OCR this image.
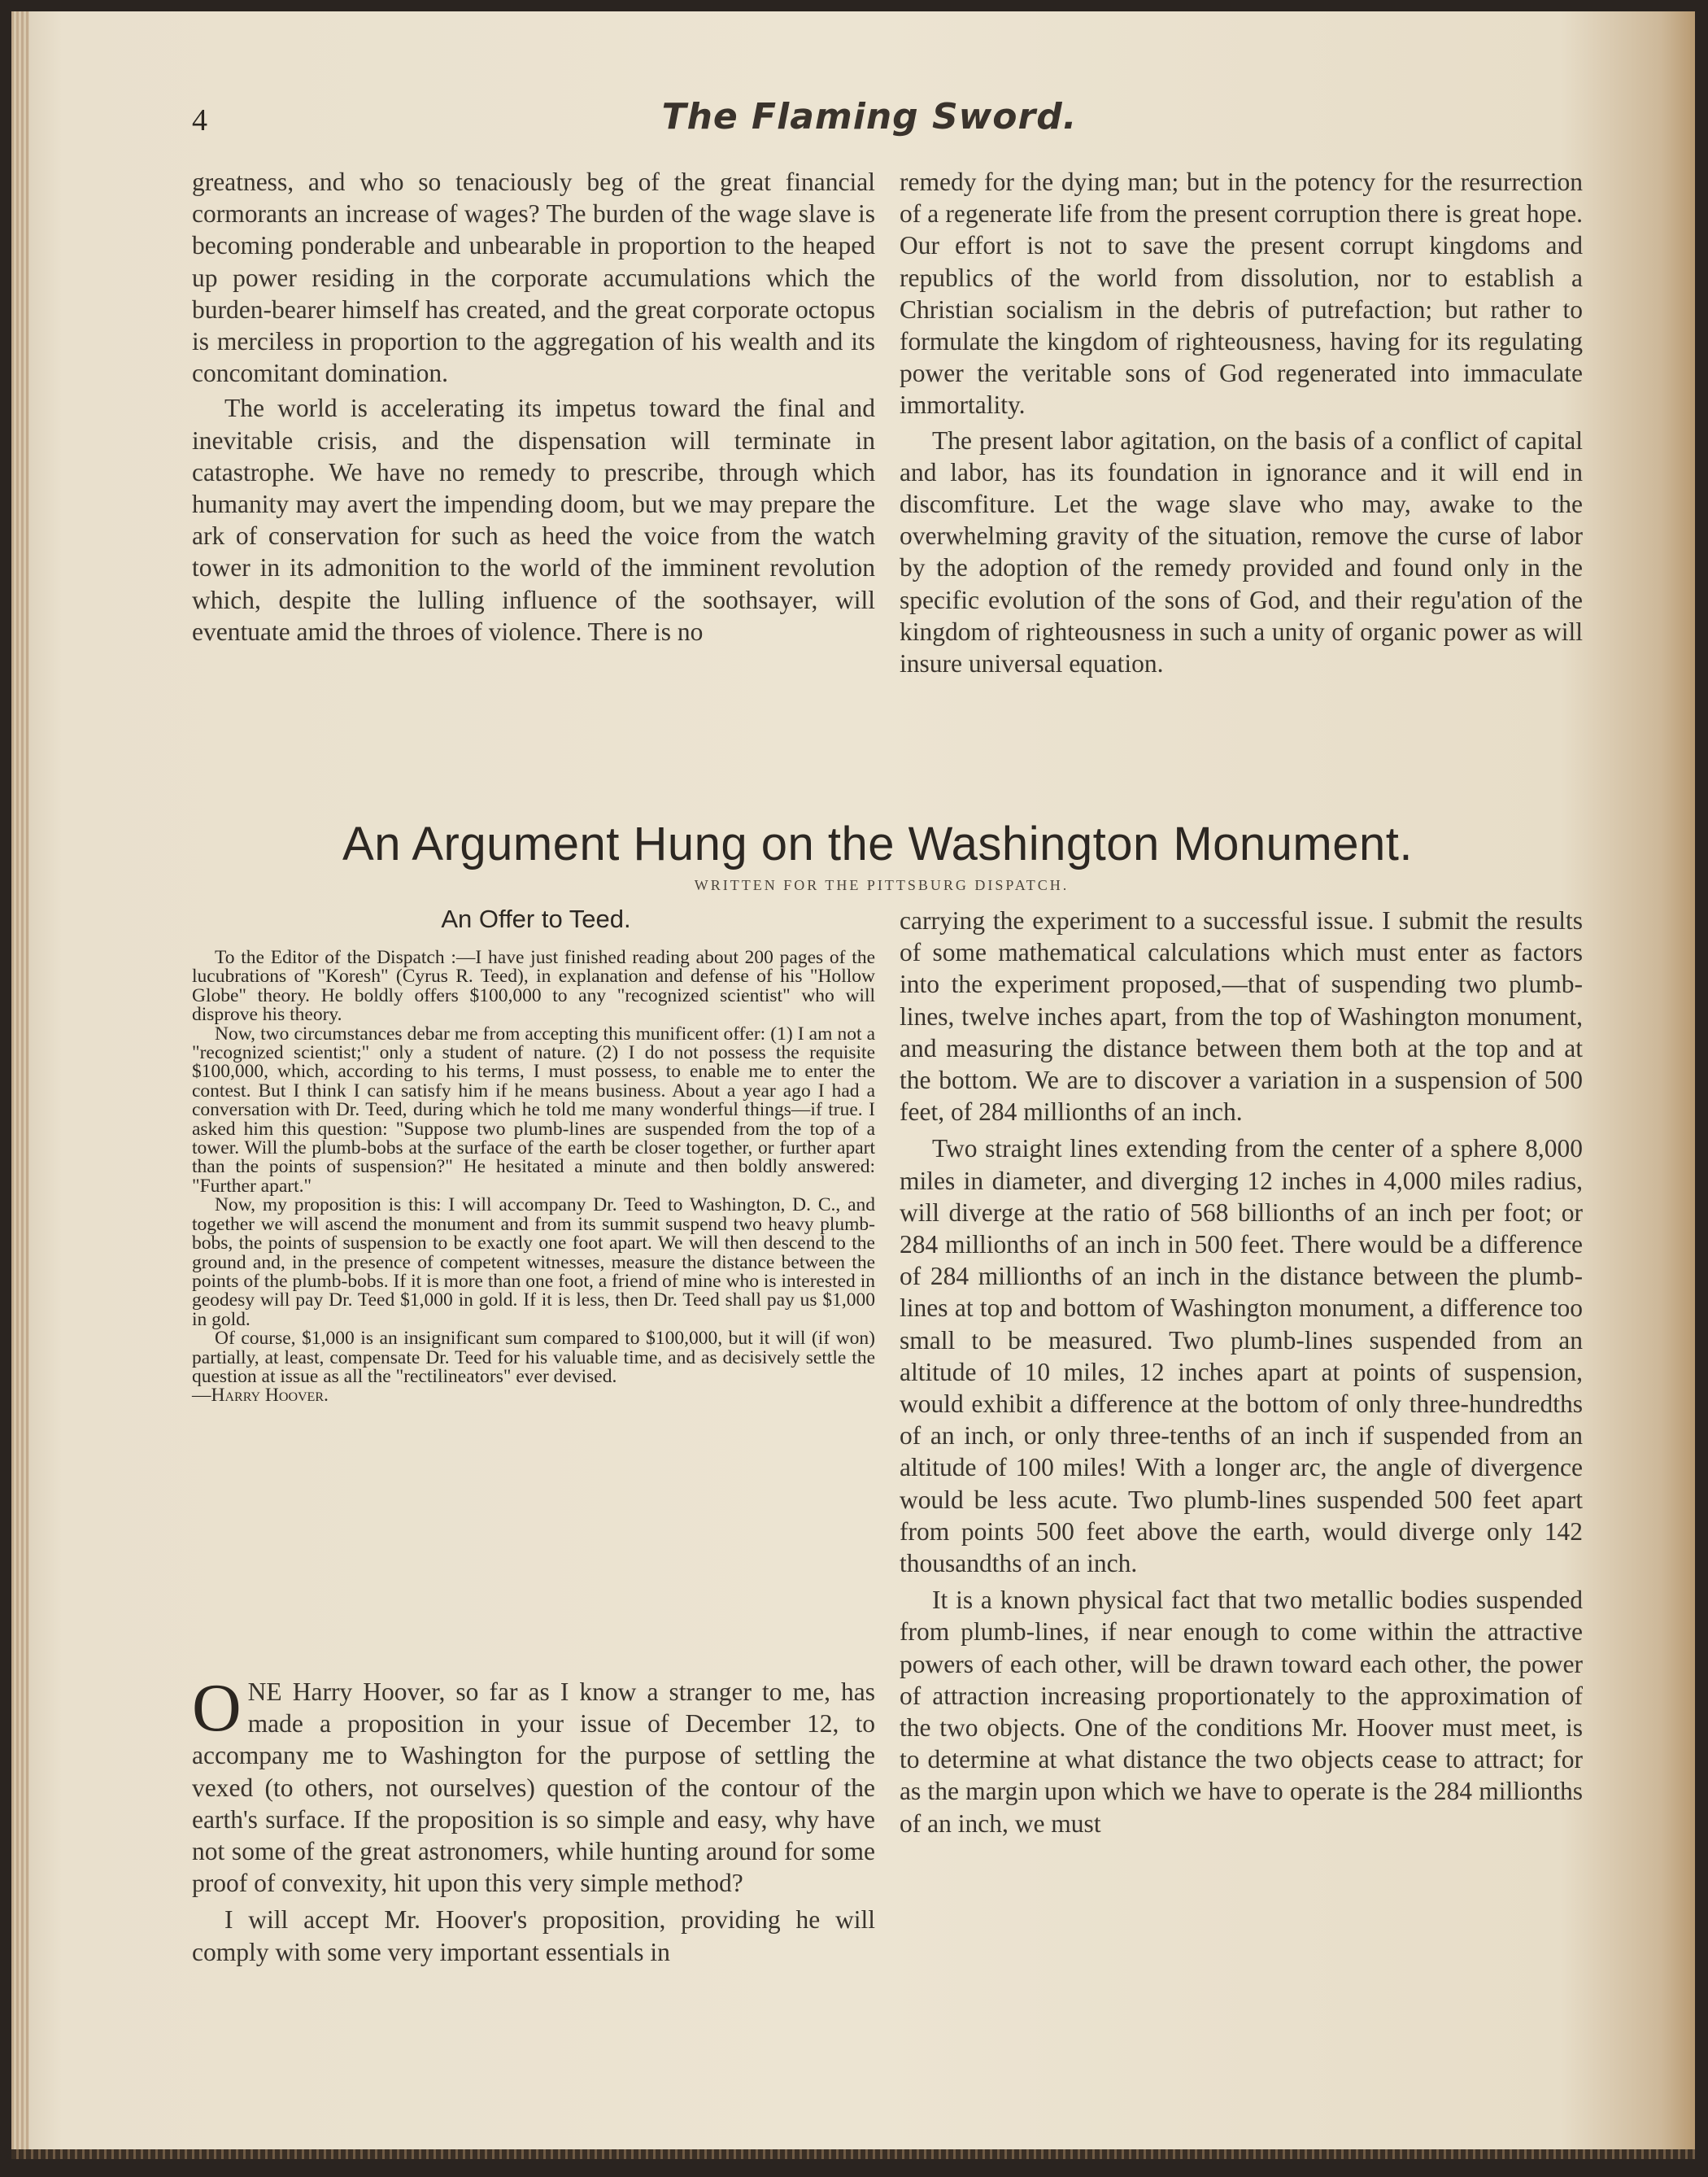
4	The Flaming Sword.

greatness, and who so tenaciously beg of the great financial cormorants an increase of wages? The burden of the wage slave is becoming ponderable and unbearable in proportion to the heaped up power residing in the corporate accumulations which the burden-bearer himself has created, and the great corporate octopus is merciless in proportion to the aggregation of his wealth and its concomitant domination.

The world is accelerating its impetus toward the final and inevitable crisis, and the dispensation will terminate in catastrophe. We have no remedy to prescribe, through which humanity may avert the impending doom, but we may prepare the ark of conservation for such as heed the voice from the watch tower in its admonition to the world of the imminent revolution which, despite the lulling influence of the soothsayer, will eventuate amid the throes of violence. There is no

remedy for the dying man; but in the potency for the resurrection of a regenerate life from the present corruption there is great hope. Our effort is not to save the present corrupt kingdoms and republics of the world from dissolution, nor to establish a Christian socialism in the debris of putrefaction; but rather to formulate the kingdom of righteousness, having for its regulating power the veritable sons of God regenerated into immaculate immortality.

The present labor agitation, on the basis of a conflict of capital and labor, has its foundation in ignorance and it will end in discomfiture. Let the wage slave who may, awake to the overwhelming gravity of the situation, remove the curse of labor by the adoption of the remedy provided and found only in the specific evolution of the sons of God, and their regu'ation of the kingdom of righteousness in such a unity of organic power as will insure universal equation.

An Argument Hung on the Washington Monument.
WRITTEN FOR THE PITTSBURG DISPATCH.
An Offer to Teed.

To the Editor of the Dispatch :—I have just finished reading about 200 pages of the lucubrations of "Koresh" (Cyrus R. Teed), in explanation and defense of his "Hollow Globe" theory. He boldly offers $100,000 to any "recognized scientist" who will disprove his theory.

Now, two circumstances debar me from accepting this munificent offer: (1) I am not a "recognized scientist;" only a student of nature. (2) I do not possess the requisite $100,000, which, according to his terms, I must possess, to enable me to enter the contest. But I think I can satisfy him if he means business. About a year ago I had a conversation with Dr. Teed, during which he told me many wonderful things—if true. I asked him this question: "Suppose two plumb-lines are suspended from the top of a tower. Will the plumb-bobs at the surface of the earth be closer together, or further apart than the points of suspension?" He hesitated a minute and then boldly answered: "Further apart."

Now, my proposition is this: I will accompany Dr. Teed to Washington, D. C., and together we will ascend the monument and from its summit suspend two heavy plumb-bobs, the points of suspension to be exactly one foot apart. We will then descend to the ground and, in the presence of competent witnesses, measure the distance between the points of the plumb-bobs. If it is more than one foot, a friend of mine who is interested in geodesy will pay Dr. Teed $1,000 in gold. If it is less, then Dr. Teed shall pay us $1,000 in gold.

Of course, $1,000 is an insignificant sum compared to $100,000, but it will (if won) partially, at least, compensate Dr. Teed for his valuable time, and as decisively settle the question at issue as all the "rectilineators" ever devised.

—Harry Hoover.

ONE Harry Hoover, so far as I know a stranger to me, has made a proposition in your issue of December 12, to accompany me to Washington for the purpose of settling the vexed (to others, not ourselves) question of the contour of the earth's surface. If the proposition is so simple and easy, why have not some of the great astronomers, while hunting around for some proof of convexity, hit upon this very simple method?

I will accept Mr. Hoover's proposition, providing he will comply with some very important essentials in

carrying the experiment to a successful issue. I submit the results of some mathematical calculations which must enter as factors into the experiment proposed,—that of suspending two plumb-lines, twelve inches apart, from the top of Washington monument, and measuring the distance between them both at the top and at the bottom. We are to discover a variation in a suspension of 500 feet, of 284 millionths of an inch.

Two straight lines extending from the center of a sphere 8,000 miles in diameter, and diverging 12 inches in 4,000 miles radius, will diverge at the ratio of 568 billionths of an inch per foot; or 284 millionths of an inch in 500 feet. There would be a difference of 284 millionths of an inch in the distance between the plumb-lines at top and bottom of Washington monument, a difference too small to be measured. Two plumb-lines suspended from an altitude of 10 miles, 12 inches apart at points of suspension, would exhibit a difference at the bottom of only three-hundredths of an inch, or only three-tenths of an inch if suspended from an altitude of 100 miles! With a longer arc, the angle of divergence would be less acute. Two plumb-lines suspended 500 feet apart from points 500 feet above the earth, would diverge only 142 thousandths of an inch.

It is a known physical fact that two metallic bodies suspended from plumb-lines, if near enough to come within the attractive powers of each other, will be drawn toward each other, the power of attraction increasing proportionately to the approximation of the two objects. One of the conditions Mr. Hoover must meet, is to determine at what distance the two objects cease to attract; for as the margin upon which we have to operate is the 284 millionths of an inch, we must
